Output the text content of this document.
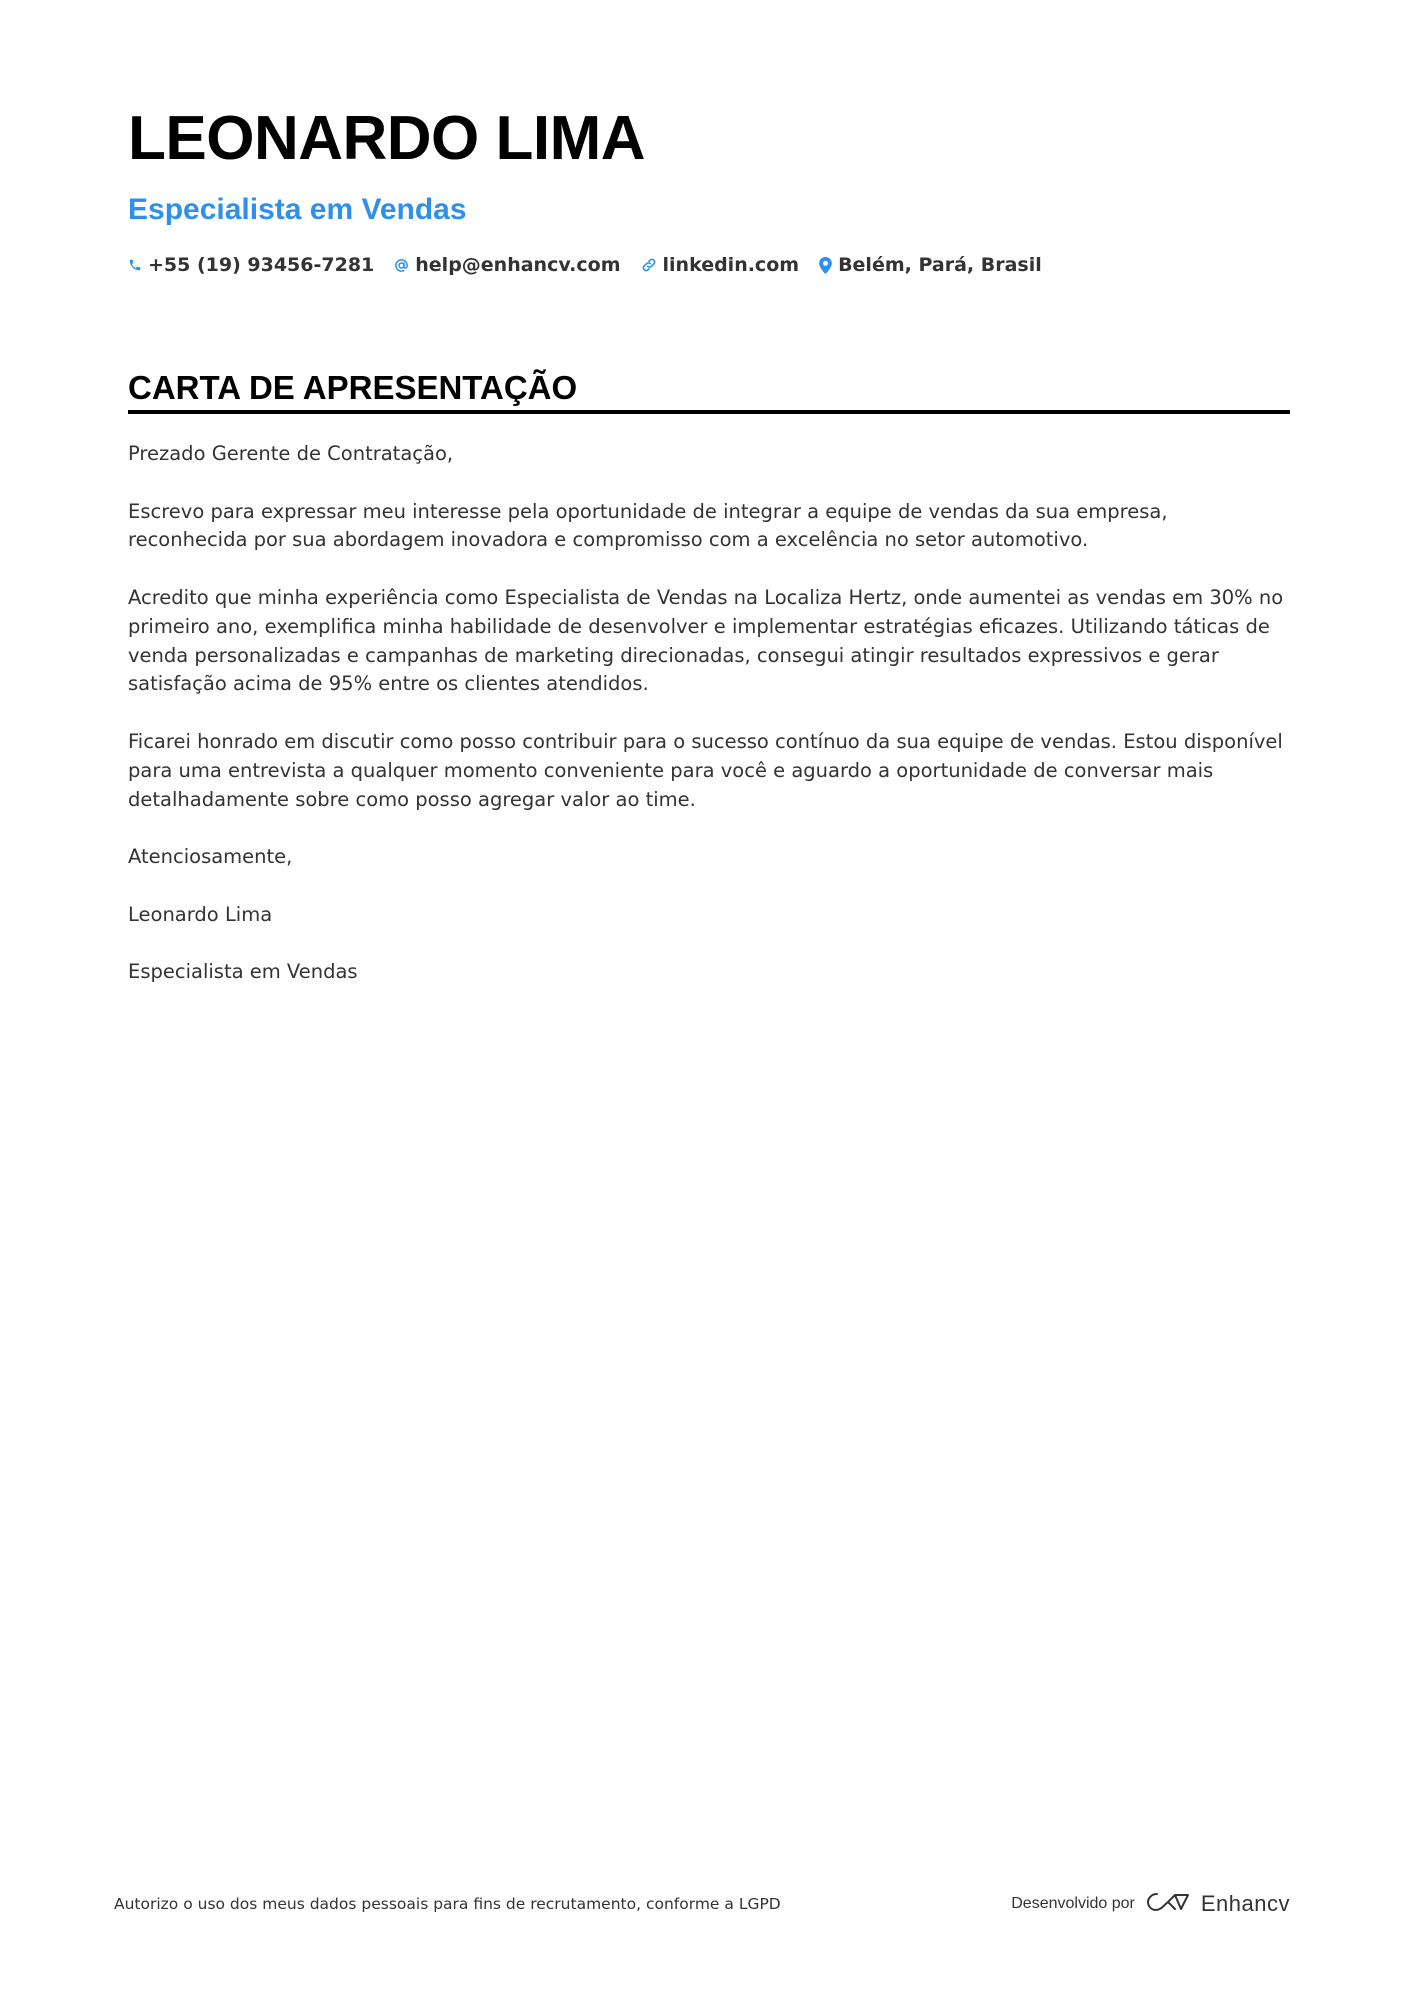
LEONARDO LIMA
Especialista em Vendas
+55 (19) 93456-7281 help@enhancv.com linkedin.com Belém, Pará, Brasil
CARTA DE APRESENTAÇÃO

Prezado Gerente de Contratação,

Escrevo para expressar meu interesse pela oportunidade de integrar a equipe de vendas da sua empresa, reconhecida por sua abordagem inovadora e compromisso com a excelência no setor automotivo.

Acredito que minha experiência como Especialista de Vendas na Localiza Hertz, onde aumentei as vendas em 30% no primeiro ano, exemplifica minha habilidade de desenvolver e implementar estratégias eficazes. Utilizando táticas de venda personalizadas e campanhas de marketing direcionadas, consegui atingir resultados expressivos e gerar satisfação acima de 95% entre os clientes atendidos.

Ficarei honrado em discutir como posso contribuir para o sucesso contínuo da sua equipe de vendas. Estou disponível para uma entrevista a qualquer momento conveniente para você e aguardo a oportunidade de conversar mais detalhadamente sobre como posso agregar valor ao time.

Atenciosamente,

Leonardo Lima

Especialista em Vendas

Autorizo o uso dos meus dados pessoais para fins de recrutamento, conforme a LGPD	Desenvolvido por	Enhancv
